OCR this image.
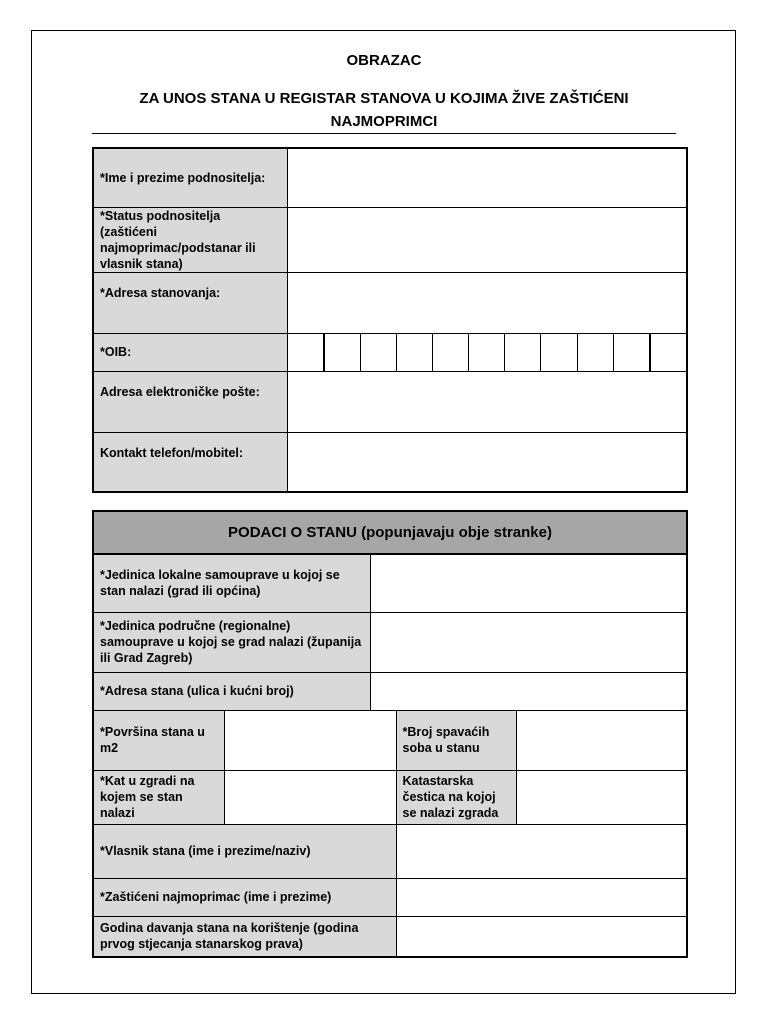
OBRAZAC
ZA UNOS STANA U REGISTAR STANOVA U KOJIMA ŽIVE ZAŠTIĆENI NAJMOPRIMCI
*Ime i prezime podnositelja:	
*Status podnositelja (zaštićeni najmoprimac/podstanar ili vlasnik stana)	
*Adresa stanovanja:	
*OIB:	

Adresa elektroničke pošte:	
Kontakt telefon/mobitel:	
PODACI O STANU (popunjavaju obje stranke)				
*Jedinica lokalne samouprave u kojoj se stan nalazi (grad ili općina)				
*Jedinica područne (regionalne) samouprave u kojoj se grad nalazi (županija ili Grad Zagreb)				
*Adresa stana (ulica i kućni broj)				
*Površina stana u m2			*Broj spavaćih soba u stanu	
*Kat u zgradi na kojem se stan nalazi			Katastarska čestica na kojoj se nalazi zgrada	
*Vlasnik stana (ime i prezime/naziv)				
*Zaštićeni najmoprimac (ime i prezime)				
Godina davanja stana na korištenje (godina prvog stjecanja stanarskog prava)				
